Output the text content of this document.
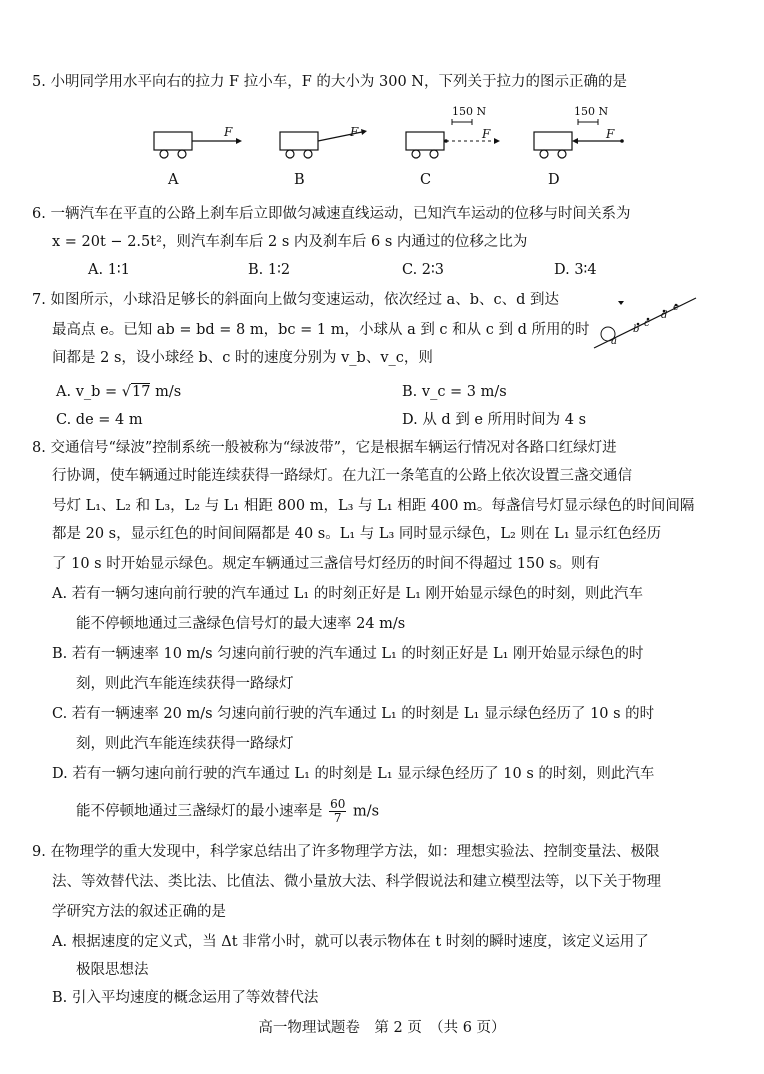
5. 小明同学用水平向右的拉力 F 拉小车，F 的大小为 300 N，下列关于拉力的图示正确的是
F
A
F
B
150 N
F
C
150 N
F
D
6. 一辆汽车在平直的公路上刹车后立即做匀减速直线运动，已知汽车运动的位移与时间关系为
x = 20t − 2.5t²，则汽车刹车后 2 s 内及刹车后 6 s 内通过的位移之比为
A. 1∶1	B. 1∶2	C. 2∶3	D. 3∶4
7. 如图所示，小球沿足够长的斜面向上做匀变速运动，依次经过 a、b、c、d 到达
最高点 e。已知 ab = bd = 8 m，bc = 1 m，小球从 a 到 c 和从 c 到 d 所用的时
间都是 2 s，设小球经 b、c 时的速度分别为 v_b、v_c，则
a
b
c
d
e
A. v_b = √17 m/s	B. v_c = 3 m/s
C. de = 4 m	D. 从 d 到 e 所用时间为 4 s
8. 交通信号“绿波”控制系统一般被称为“绿波带”，它是根据车辆运行情况对各路口红绿灯进
行协调，使车辆通过时能连续获得一路绿灯。在九江一条笔直的公路上依次设置三盏交通信
号灯 L₁、L₂ 和 L₃，L₂ 与 L₁ 相距 800 m，L₃ 与 L₁ 相距 400 m。每盏信号灯显示绿色的时间间隔
都是 20 s，显示红色的时间间隔都是 40 s。L₁ 与 L₃ 同时显示绿色，L₂ 则在 L₁ 显示红色经历
了 10 s 时开始显示绿色。规定车辆通过三盏信号灯经历的时间不得超过 150 s。则有
A. 若有一辆匀速向前行驶的汽车通过 L₁ 的时刻正好是 L₁ 刚开始显示绿色的时刻，则此汽车
能不停顿地通过三盏绿色信号灯的最大速率 24 m/s
B. 若有一辆速率 10 m/s 匀速向前行驶的汽车通过 L₁ 的时刻正好是 L₁ 刚开始显示绿色的时
刻，则此汽车能连续获得一路绿灯
C. 若有一辆速率 20 m/s 匀速向前行驶的汽车通过 L₁ 的时刻是 L₁ 显示绿色经历了 10 s 的时
刻，则此汽车能连续获得一路绿灯
D. 若有一辆匀速向前行驶的汽车通过 L₁ 的时刻是 L₁ 显示绿色经历了 10 s 的时刻，则此汽车
能不停顿地通过三盏绿灯的最小速率是 $\frac{60}{7} m/s$
9. 在物理学的重大发现中，科学家总结出了许多物理学方法，如：理想实验法、控制变量法、极限
法、等效替代法、类比法、比值法、微小量放大法、科学假说法和建立模型法等，以下关于物理
学研究方法的叙述正确的是
A. 根据速度的定义式，当 Δt 非常小时，就可以表示物体在 t 时刻的瞬时速度，该定义运用了
极限思想法
B. 引入平均速度的概念运用了等效替代法
高一物理试题卷　第 2 页　（共 6 页）
